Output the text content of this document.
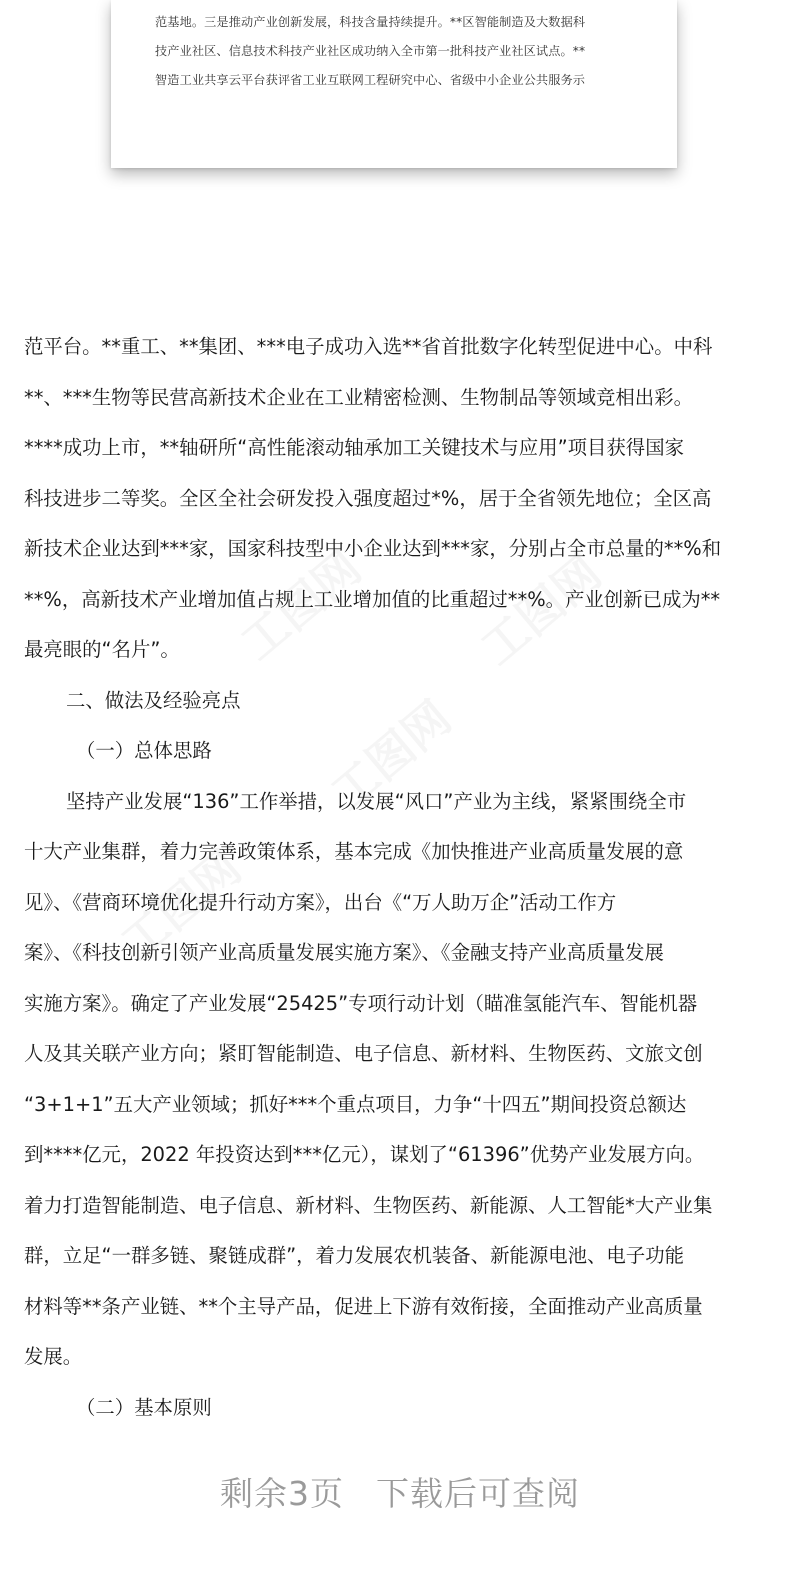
范基地。三是推动产业创新发展，科技含量持续提升。**区智能制造及大数据科
技产业社区、信息技术科技产业社区成功纳入全市第一批科技产业社区试点。**
智造工业共享云平台获评省工业互联网工程研究中心、省级中小企业公共服务示
工图网
工图网
工图网
工图网
范平台。**重工、**集团、***电子成功入选**省首批数字化转型促进中心。中科
**、***生物等民营高新技术企业在工业精密检测、生物制品等领域竞相出彩。
****成功上市，**轴研所“高性能滚动轴承加工关键技术与应用”项目获得国家
科技进步二等奖。全区全社会研发投入强度超过*%，居于全省领先地位；全区高
新技术企业达到***家，国家科技型中小企业达到***家，分别占全市总量的**%和
**%，高新技术产业增加值占规上工业增加值的比重超过**%。产业创新已成为**
最亮眼的“名片”。
二、做法及经验亮点
（一）总体思路
坚持产业发展“136”工作举措，以发展“风口”产业为主线，紧紧围绕全市
十大产业集群，着力完善政策体系，基本完成《加快推进产业高质量发展的意
见》、《营商环境优化提升行动方案》，出台《“万人助万企”活动工作方
案》、《科技创新引领产业高质量发展实施方案》、《金融支持产业高质量发展
实施方案》。确定了产业发展“25425”专项行动计划（瞄准氢能汽车、智能机器
人及其关联产业方向；紧盯智能制造、电子信息、新材料、生物医药、文旅文创
“3+1+1”五大产业领域；抓好***个重点项目，力争“十四五”期间投资总额达
到****亿元，2022 年投资达到***亿元），谋划了“61396”优势产业发展方向。
着力打造智能制造、电子信息、新材料、生物医药、新能源、人工智能*大产业集
群，立足“一群多链、聚链成群”，着力发展农机装备、新能源电池、电子功能
材料等**条产业链、**个主导产品，促进上下游有效衔接，全面推动产业高质量
发展。
（二）基本原则
剩余3页 下载后可查阅
